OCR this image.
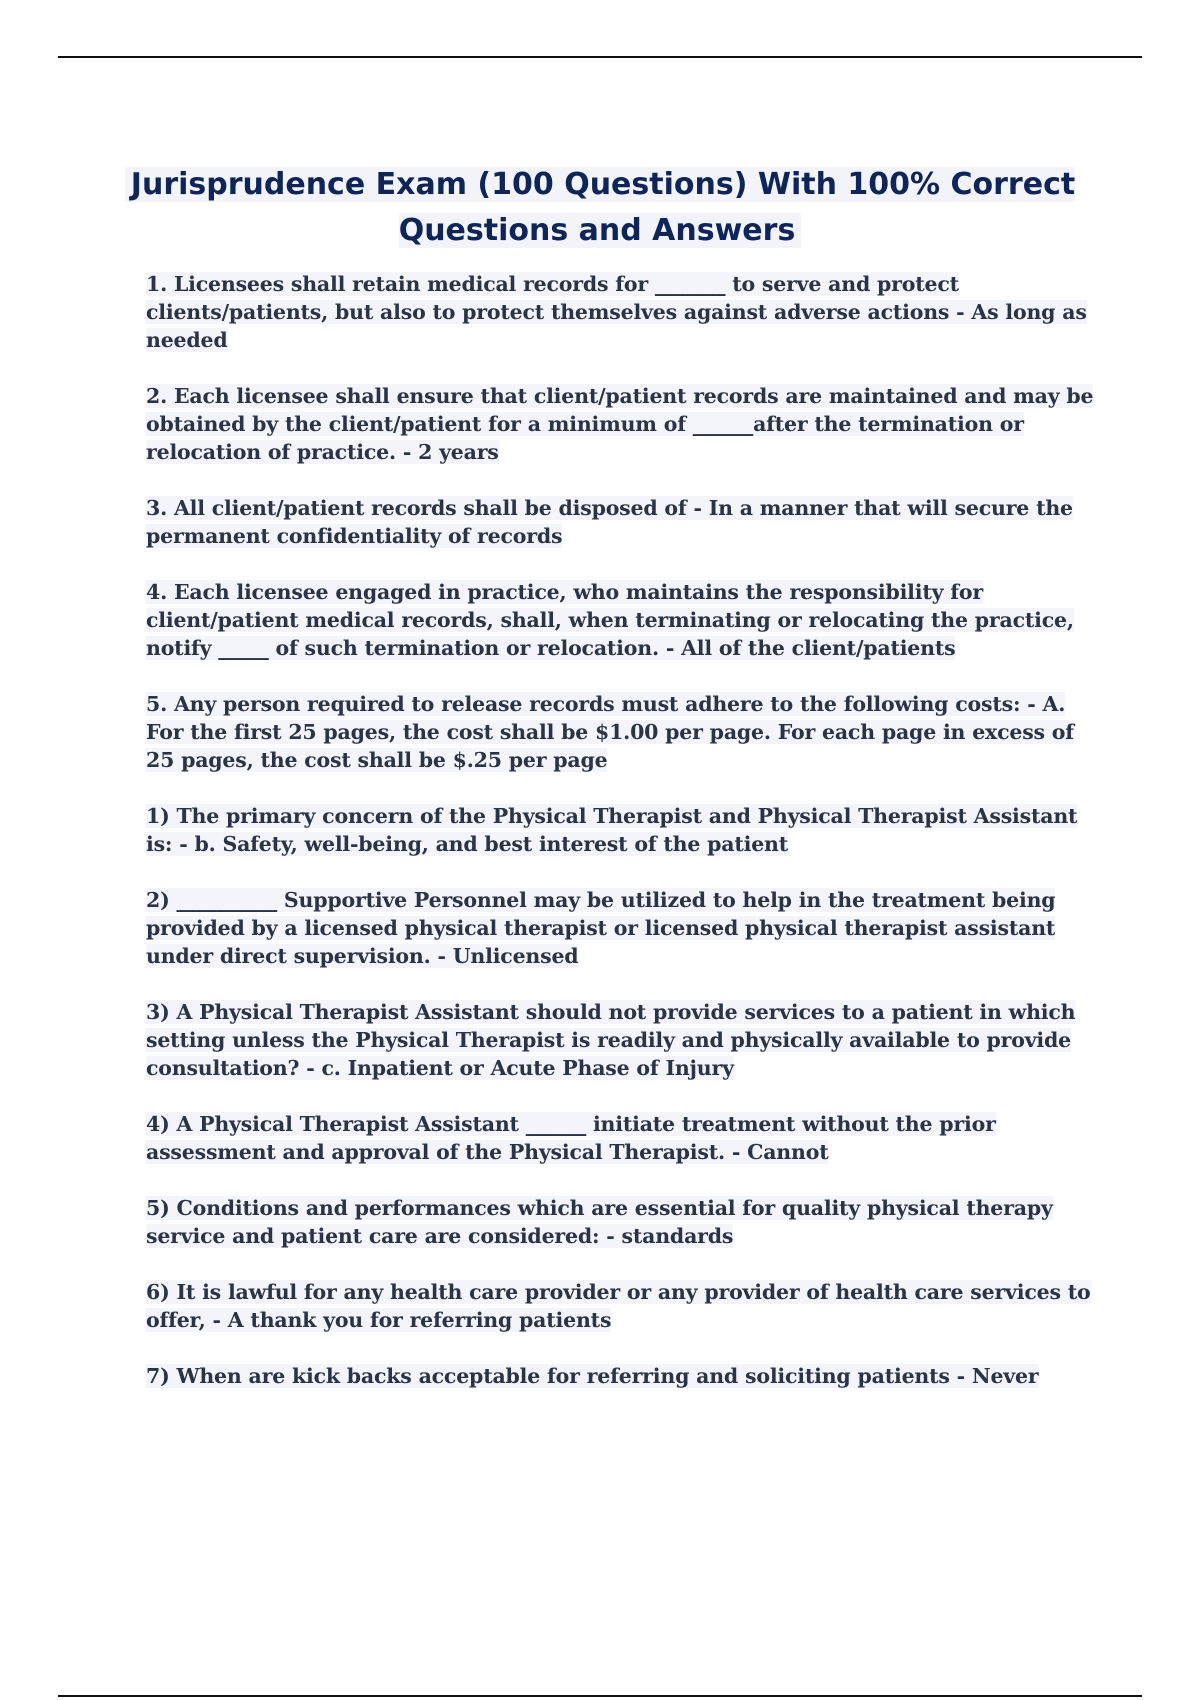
Jurisprudence Exam (100 Questions) With 100% Correct Questions and Answers
1. Licensees shall retain medical records for _______ to serve and protect clients/patients, but also to protect themselves against adverse actions - As long as needed
2. Each licensee shall ensure that client/patient records are maintained and may be obtained by the client/patient for a minimum of ______after the termination or relocation of practice. - 2 years
3. All client/patient records shall be disposed of - In a manner that will secure the permanent confidentiality of records
4. Each licensee engaged in practice, who maintains the responsibility for client/patient medical records, shall, when terminating or relocating the practice, notify _____ of such termination or relocation. - All of the client/patients
5. Any person required to release records must adhere to the following costs: - A. For the first 25 pages, the cost shall be $1.00 per page. For each page in excess of 25 pages, the cost shall be $.25 per page
1) The primary concern of the Physical Therapist and Physical Therapist Assistant is: - b. Safety, well-being, and best interest of the patient
2) __________ Supportive Personnel may be utilized to help in the treatment being provided by a licensed physical therapist or licensed physical therapist assistant under direct supervision. - Unlicensed
3) A Physical Therapist Assistant should not provide services to a patient in which setting unless the Physical Therapist is readily and physically available to provide consultation? - c. Inpatient or Acute Phase of Injury
4) A Physical Therapist Assistant ______ initiate treatment without the prior assessment and approval of the Physical Therapist. - Cannot
5) Conditions and performances which are essential for quality physical therapy service and patient care are considered: - standards
6) It is lawful for any health care provider or any provider of health care services to offer, - A thank you for referring patients
7) When are kick backs acceptable for referring and soliciting patients - Never
